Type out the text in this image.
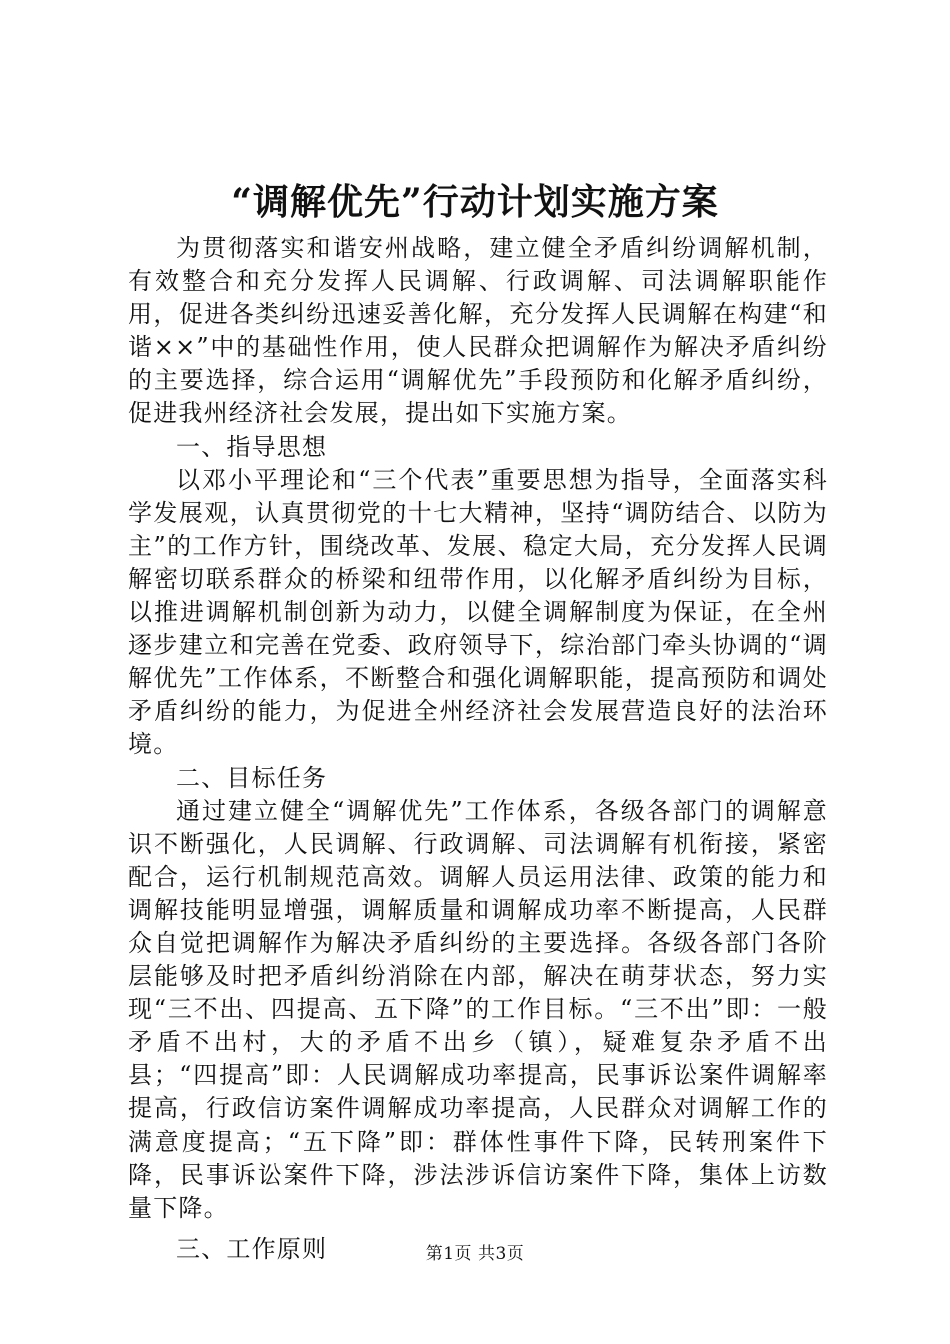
“调解优先”行动计划实施方案

为贯彻落实和谐安州战略，建立健全矛盾纠纷调解机制，有效整合和充分发挥人民调解、行政调解、司法调解职能作用，促进各类纠纷迅速妥善化解，充分发挥人民调解在构建“和谐××”中的基础性作用，使人民群众把调解作为解决矛盾纠纷的主要选择，综合运用“调解优先”手段预防和化解矛盾纠纷，促进我州经济社会发展，提出如下实施方案。

一、指导思想

以邓小平理论和“三个代表”重要思想为指导，全面落实科学发展观，认真贯彻党的十七大精神，坚持“调防结合、以防为主”的工作方针，围绕改革、发展、稳定大局，充分发挥人民调解密切联系群众的桥梁和纽带作用，以化解矛盾纠纷为目标，以推进调解机制创新为动力，以健全调解制度为保证，在全州逐步建立和完善在党委、政府领导下，综治部门牵头协调的“调解优先”工作体系，不断整合和强化调解职能，提高预防和调处矛盾纠纷的能力，为促进全州经济社会发展营造良好的法治环境。

二、目标任务

通过建立健全“调解优先”工作体系，各级各部门的调解意识不断强化，人民调解、行政调解、司法调解有机衔接，紧密配合，运行机制规范高效。调解人员运用法律、政策的能力和调解技能明显增强，调解质量和调解成功率不断提高，人民群众自觉把调解作为解决矛盾纠纷的主要选择。各级各部门各阶层能够及时把矛盾纠纷消除在内部，解决在萌芽状态，努力实现“三不出、四提高、五下降”的工作目标。“三不出”即：一般矛盾不出村，大的矛盾不出乡（镇），疑难复杂矛盾不出县；“四提高”即：人民调解成功率提高，民事诉讼案件调解率提高，行政信访案件调解成功率提高，人民群众对调解工作的满意度提高；“五下降”即：群体性事件下降，民转刑案件下降，民事诉讼案件下降，涉法涉诉信访案件下降，集体上访数量下降。

三、工作原则	第1页 共3页
